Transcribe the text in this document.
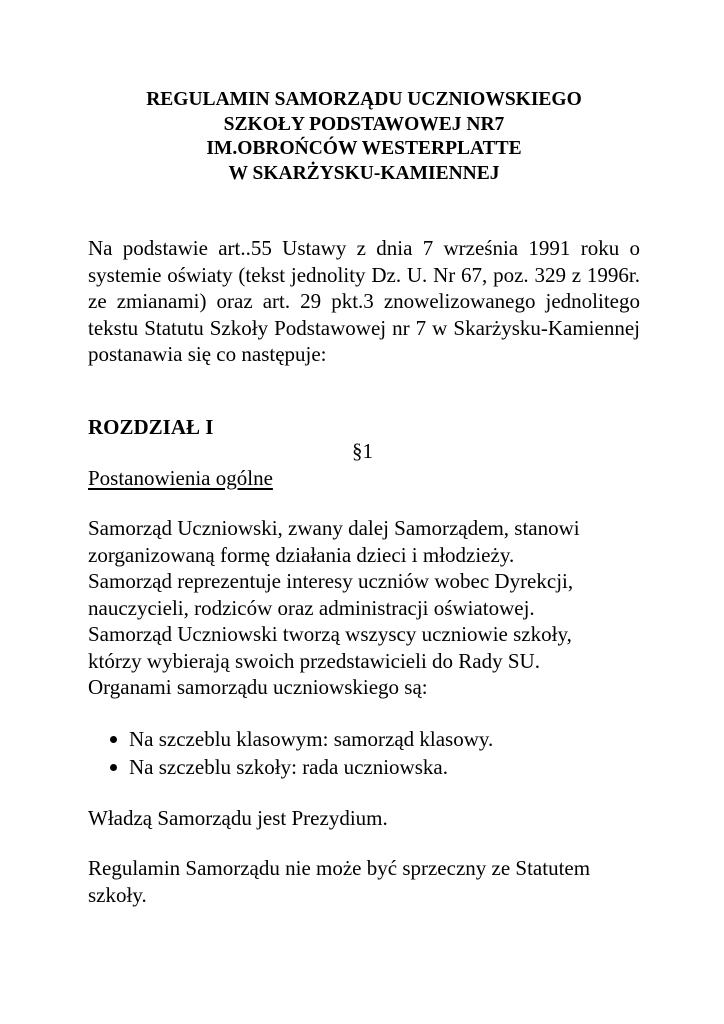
REGULAMIN SAMORZĄDU UCZNIOWSKIEGO
SZKOŁY PODSTAWOWEJ NR7
IM.OBROŃCÓW WESTERPLATTE
W SKARŻYSKU-KAMIENNEJ

Na podstawie art..55 Ustawy z dnia 7 września 1991 roku o systemie oświaty (tekst jednolity Dz. U. Nr 67, poz. 329 z 1996r. ze zmianami) oraz art. 29 pkt.3 znowelizowanego jednolitego tekstu Statutu Szkoły Podstawowej nr 7 w Skarżysku-Kamiennej postanawia się co następuje:

ROZDZIAŁ I

§1

Postanowienia ogólne

Samorząd Uczniowski, zwany dalej Samorządem, stanowi
zorganizowaną formę działania dzieci i młodzieży.
Samorząd reprezentuje interesy uczniów wobec Dyrekcji,
nauczycieli, rodziców oraz administracji oświatowej.
Samorząd Uczniowski tworzą wszyscy uczniowie szkoły,
którzy wybierają swoich przedstawicieli do Rady SU.
Organami samorządu uczniowskiego są:
Na szczeblu klasowym: samorząd klasowy.
Na szczeblu szkoły: rada uczniowska.

Władzą Samorządu jest Prezydium.

Regulamin Samorządu nie może być sprzeczny ze Statutem
szkoły.
